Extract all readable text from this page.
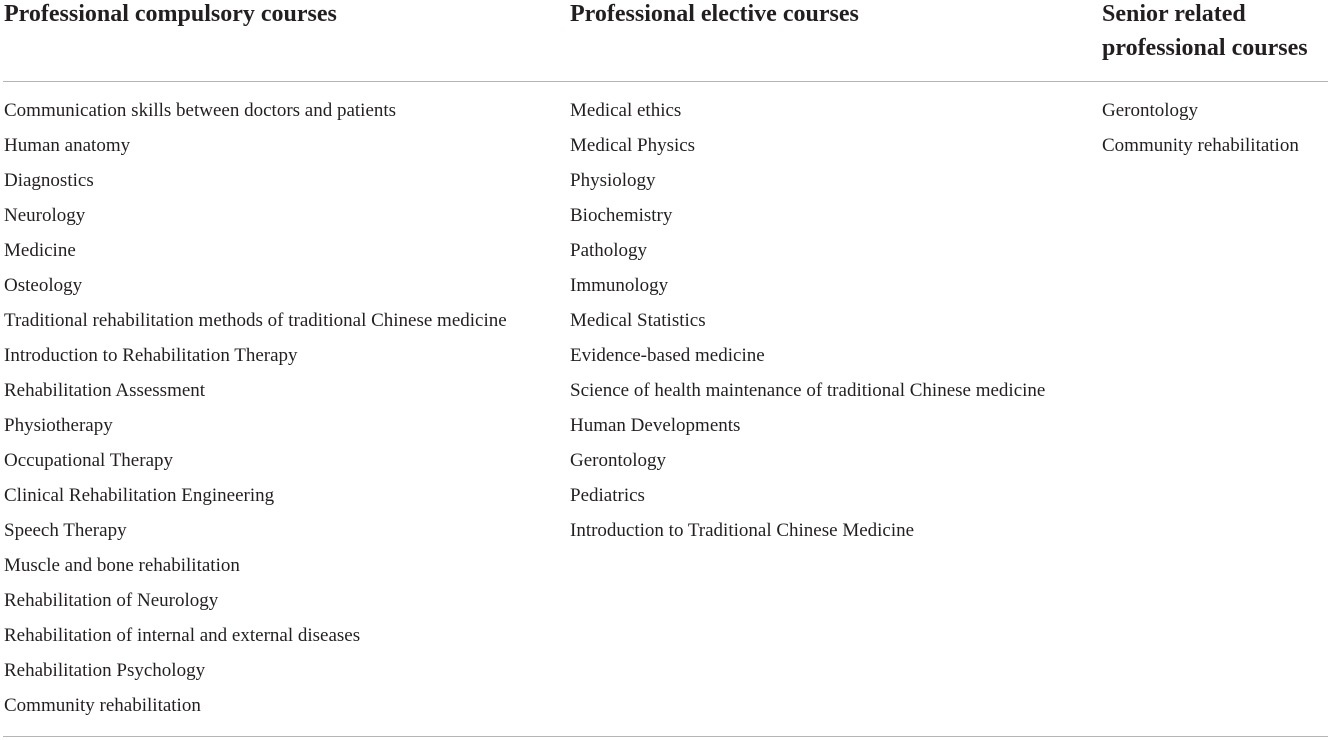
Professional compulsory courses	Professional elective courses	Senior related professional courses
Communication skills between doctors and patients
Human anatomy
Diagnostics
Neurology
Medicine
Osteology
Traditional rehabilitation methods of traditional Chinese medicine
Introduction to Rehabilitation Therapy
Rehabilitation Assessment
Physiotherapy
Occupational Therapy
Clinical Rehabilitation Engineering
Speech Therapy
Muscle and bone rehabilitation
Rehabilitation of Neurology
Rehabilitation of internal and external diseases
Rehabilitation Psychology
Community rehabilitation
Medical ethics
Medical Physics
Physiology
Biochemistry
Pathology
Immunology
Medical Statistics
Evidence-based medicine
Science of health maintenance of traditional Chinese medicine
Human Developments
Gerontology
Pediatrics
Introduction to Traditional Chinese Medicine
Gerontology
Community rehabilitation
